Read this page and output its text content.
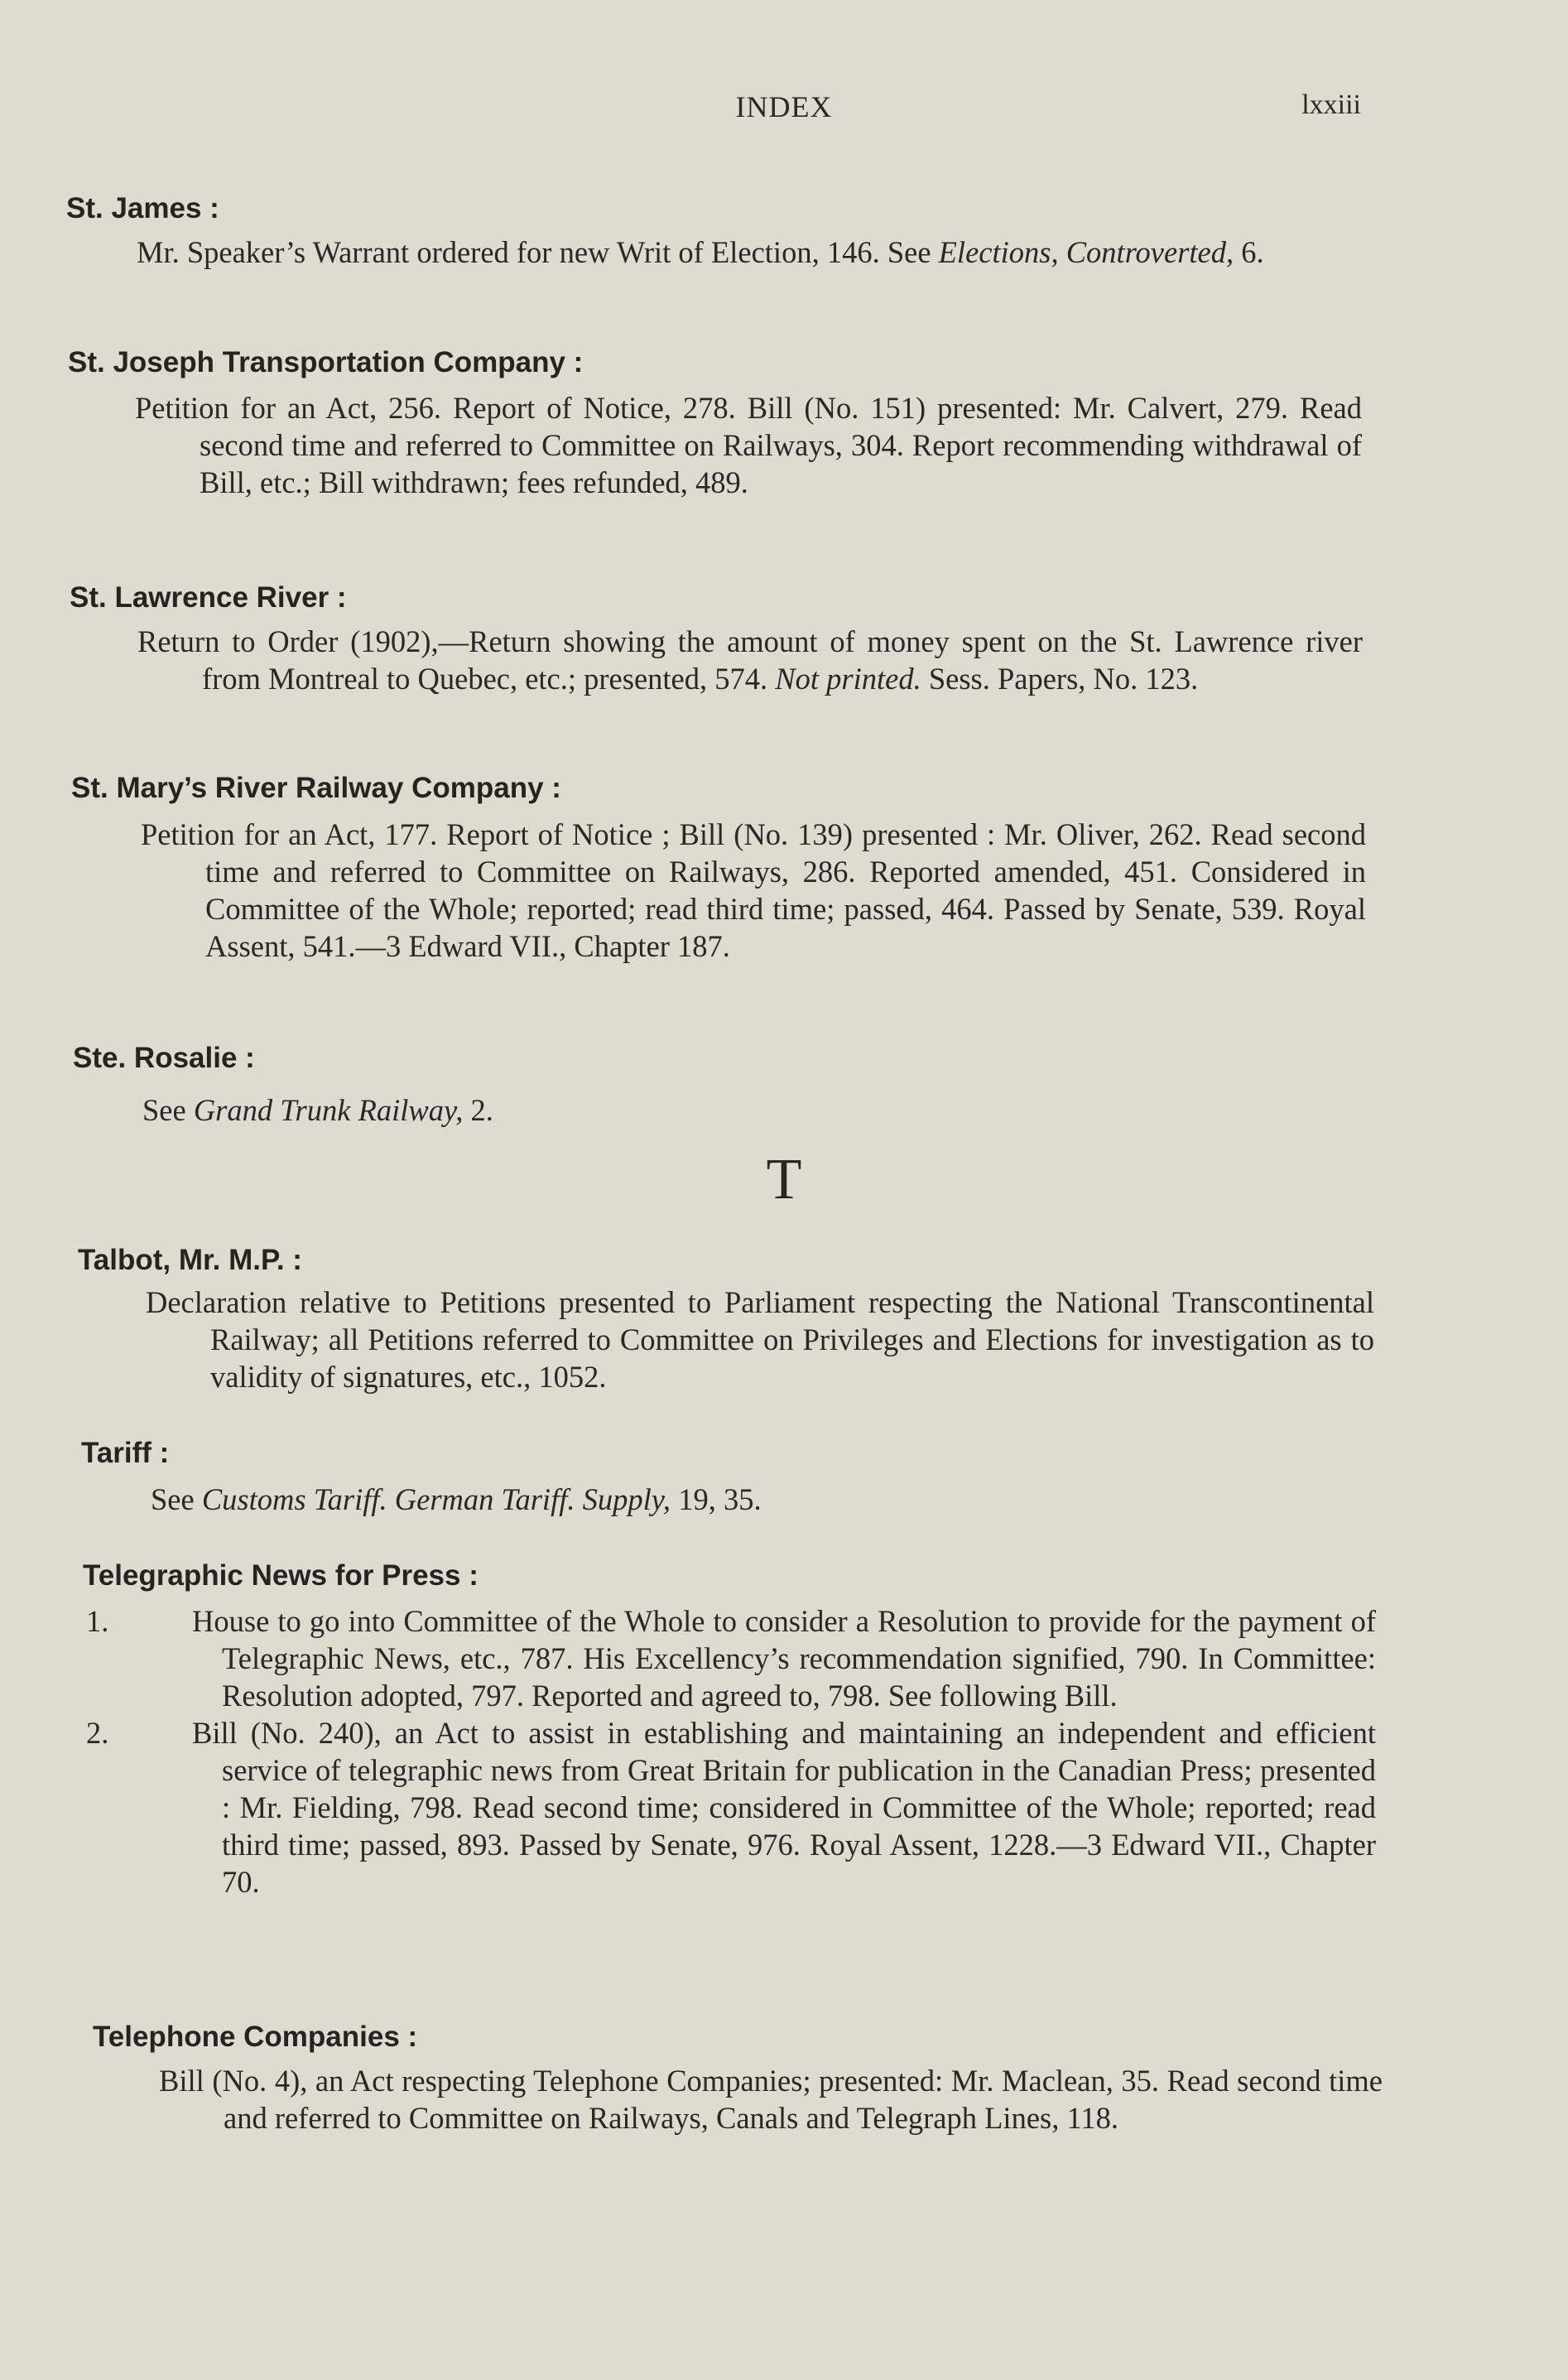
INDEX	lxxiii
St. James :

Mr. Speaker’s Warrant ordered for new Writ of Election, 146. See Elections, Controverted, 6.

St. Joseph Transportation Company :

Petition for an Act, 256. Report of Notice, 278. Bill (No. 151) presented: Mr. Calvert, 279. Read second time and referred to Committee on Railways, 304. Report recommending withdrawal of Bill, etc.; Bill withdrawn; fees refunded, 489.

St. Lawrence River :

Return to Order (1902),—Return showing the amount of money spent on the St. Lawrence river from Montreal to Quebec, etc.; presented, 574. Not printed. Sess. Papers, No. 123.

St. Mary’s River Railway Company :

Petition for an Act, 177. Report of Notice ; Bill (No. 139) presented : Mr. Oliver, 262. Read second time and referred to Committee on Railways, 286. Reported amended, 451. Considered in Committee of the Whole; reported; read third time; passed, 464. Passed by Senate, 539. Royal Assent, 541.—3 Edward VII., Chapter 187.

Ste. Rosalie :

See Grand Trunk Railway, 2.

T
Talbot, Mr. M.P. :

Declaration relative to Petitions presented to Parliament respecting the National Transcontinental Railway; all Petitions referred to Committee on Privileges and Elections for investigation as to validity of signatures, etc., 1052.

Tariff :

See Customs Tariff. German Tariff. Supply, 19, 35.

Telegraphic News for Press :

1.	House to go into Committee of the Whole to consider a Resolution to provide for the payment of Telegraphic News, etc., 787. His Excellency’s recommendation signified, 790. In Committee: Resolution adopted, 797. Reported and agreed to, 798. See following Bill.

2.	Bill (No. 240), an Act to assist in establishing and maintaining an independent and efficient service of telegraphic news from Great Britain for publication in the Canadian Press; presented : Mr. Fielding, 798. Read second time; considered in Committee of the Whole; reported; read third time; passed, 893. Passed by Senate, 976. Royal Assent, 1228.—3 Edward VII., Chapter 70.

Telephone Companies :

Bill (No. 4), an Act respecting Telephone Companies; presented: Mr. Maclean, 35. Read second time and referred to Committee on Railways, Canals and Telegraph Lines, 118.
